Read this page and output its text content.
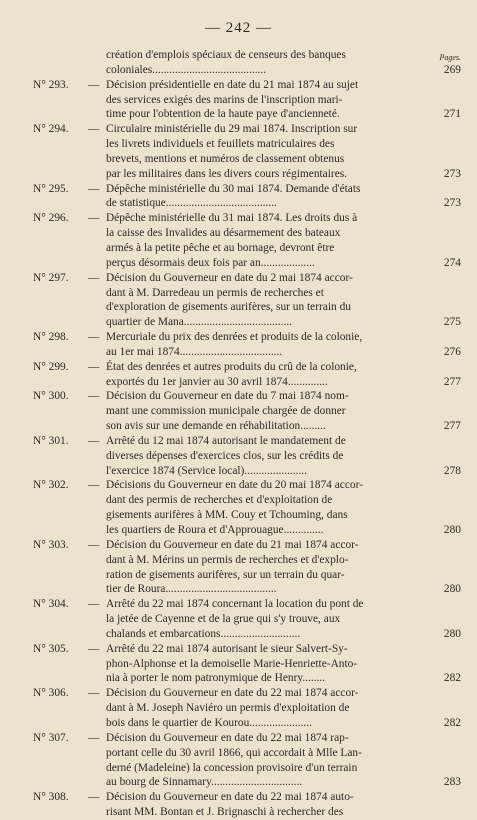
— 242 —
Pages.
création d'emplois spéciaux de censeurs des banques
coloniales........................................	269
N° 293. — Décision présidentielle en date du 21 mai 1874 au sujet
des services exigés des marins de l'inscription mari-
time pour l'obtention de la haute paye d'ancienneté.	271
N° 294. — Circulaire ministérielle du 29 mai 1874. Inscription sur
les livrets individuels et feuillets matriculaires des
brevets, mentions et numéros de classement obtenus
par les militaires dans les divers cours régimentaires.	273
N° 295. — Dépêche ministérielle du 30 mai 1874. Demande d'états
de statistique.......................................	273
N° 296. — Dépêche ministérielle du 31 mai 1874. Les droits dus à
la caisse des Invalides au désarmement des bateaux
armés à la petite pêche et au bornage, devront être
perçus désormais deux fois par an...................	274
N° 297. — Décision du Gouverneur en date du 2 mai 1874 accor-
dant à M. Darredeau un permis de recherches et
d'exploration de gisements aurifères, sur un terrain du
quartier de Mana......................................	275
N° 298. — Mercuriale du prix des denrées et produits de la colonie,
au 1er mai 1874....................................	276
N° 299. — État des denrées et autres produits du crû de la colonie,
exportés du 1er janvier au 30 avril 1874..............	277
N° 300. — Décision du Gouverneur en date du 7 mai 1874 nom-
mant une commission municipale chargée de donner
son avis sur une demande en réhabilitation.........	277
N° 301. — Arrêté du 12 mai 1874 autorisant le mandatement de
diverses dépenses d'exercices clos, sur les crédits de
l'exercice 1874 (Service local)......................	278
N° 302. — Décisions du Gouverneur en date du 20 mai 1874 accor-
dant des permis de recherches et d'exploitation de
gisements aurifères à MM. Couy et Tchouming, dans
les quartiers de Roura et d'Approuague..............	280
N° 303. — Décision du Gouverneur en date du 21 mai 1874 accor-
dant à M. Mérins un permis de recherches et d'explo-
ration de gisements aurifères, sur un terrain du quar-
tier de Roura.......................................	280
N° 304. — Arrêté du 22 mai 1874 concernant la location du pont de
la jetée de Cayenne et de la grue qui s'y trouve, aux
chalands et embarcations............................	280
N° 305. — Arrêté du 22 mai 1874 autorisant le sieur Salvert-Sy-
phon-Alphonse et la demoiselle Marie-Henriette-Anto-
nia à porter le nom patronymique de Henry........	282
N° 306. — Décision du Gouverneur en date du 22 mai 1874 accor-
dant à M. Joseph Naviéro un permis d'exploitation de
bois dans le quartier de Kourou......................	282
N° 307. — Décision du Gouverneur en date du 22 mai 1874 rap-
portant celle du 30 avril 1866, qui accordait à Mlle Lan-
derné (Madeleine) la concession provisoire d'un terrain
au bourg de Sinnamary................................	283
N° 308. — Décision du Gouverneur en date du 22 mai 1874 auto-
risant MM. Bontan et J. Brignaschi à rechercher des
